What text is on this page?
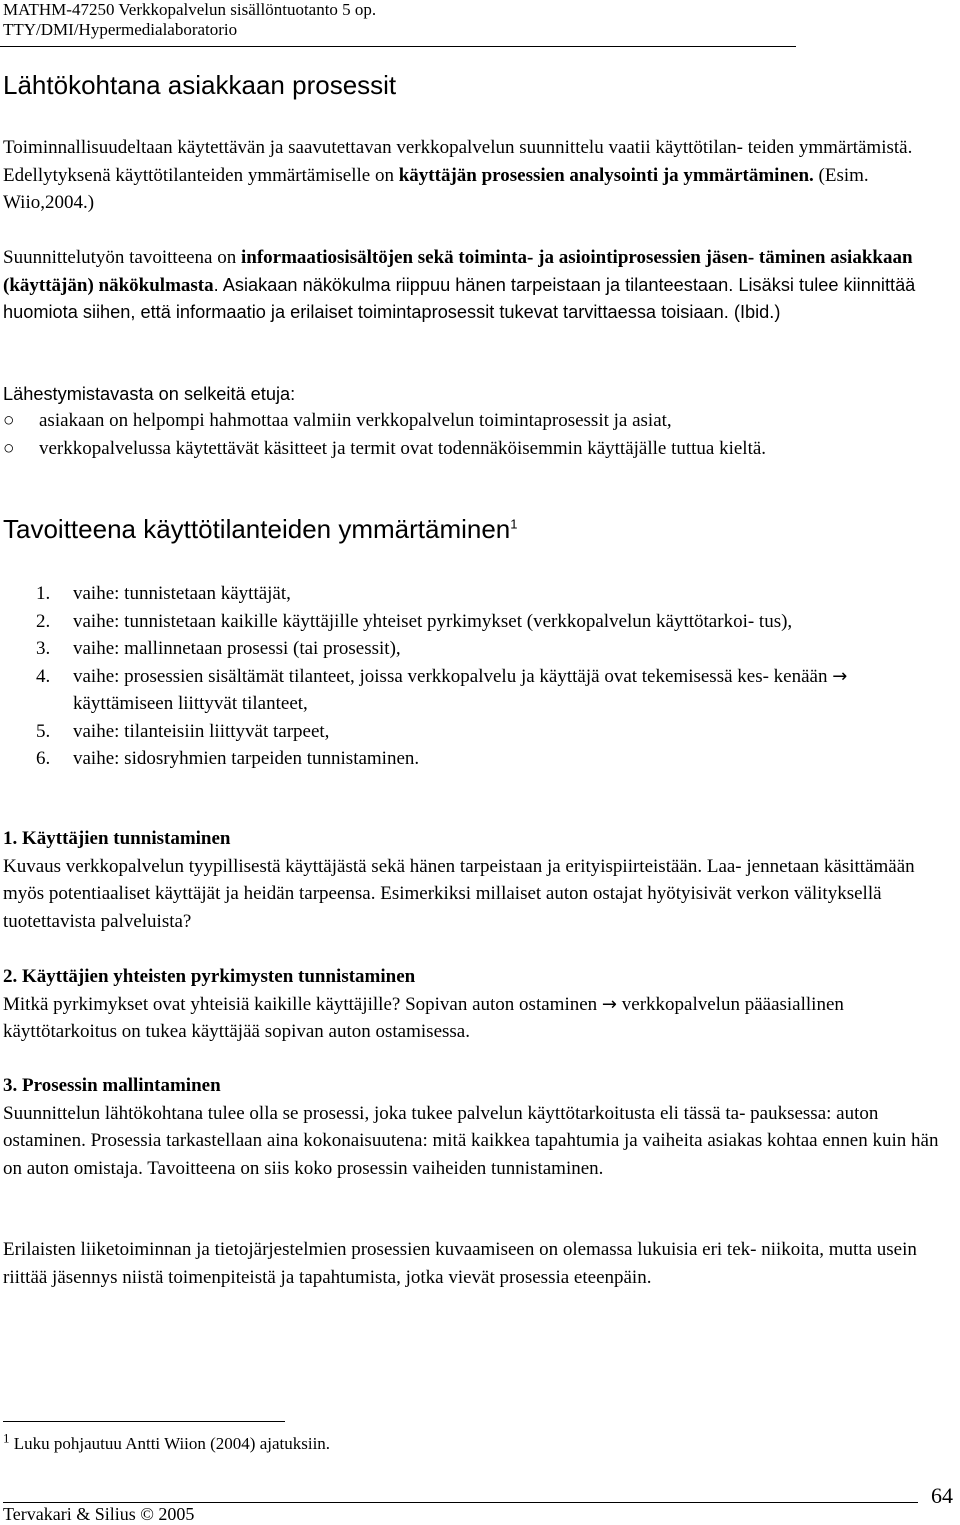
MATHM-47250 Verkkopalvelun sisällöntuotanto 5 op.
TTY/DMI/Hypermedialaboratorio
Lähtökohtana asiakkaan prosessit

Toiminnallisuudeltaan käytettävän ja saavutettavan verkkopalvelun suunnittelu vaatii käyttötilan- teiden ymmärtämistä. Edellytyksenä käyttötilanteiden ymmärtämiselle on käyttäjän prosessien analysointi ja ymmärtäminen. (Esim. Wiio,2004.)

Suunnittelutyön tavoitteena on informaatiosisältöjen sekä toiminta- ja asiointiprosessien jäsen- täminen asiakkaan (käyttäjän) näkökulmasta. Asiakaan näkökulma riippuu hänen tarpeistaan ja tilanteestaan. Lisäksi tulee kiinnittää huomiota siihen, että informaatio ja erilaiset toimintaprosessit tukevat tarvittaessa toisiaan. (Ibid.)

Lähestymistavasta on selkeitä etuja:

○ asiakaan on helpompi hahmottaa valmiin verkkopalvelun toimintaprosessit ja asiat,
○ verkkopalvelussa käytettävät käsitteet ja termit ovat todennäköisemmin käyttäjälle tuttua kieltä.
Tavoitteena käyttötilanteiden ymmärtäminen$^1$
1. vaihe: tunnistetaan käyttäjät,
2. vaihe: tunnistetaan kaikille käyttäjille yhteiset pyrkimykset (verkkopalvelun käyttötarkoi- tus),
3. vaihe: mallinnetaan prosessi (tai prosessit),
4. vaihe: prosessien sisältämät tilanteet, joissa verkkopalvelu ja käyttäjä ovat tekemisessä kes- kenään → käyttämiseen liittyvät tilanteet,
5. vaihe: tilanteisiin liittyvät tarpeet,
6. vaihe: sidosryhmien tarpeiden tunnistaminen.
1. Käyttäjien tunnistaminen
Kuvaus verkkopalvelun tyypillisestä käyttäjästä sekä hänen tarpeistaan ja erityispiirteistään. Laa- jennetaan käsittämään myös potentiaaliset käyttäjät ja heidän tarpeensa. Esimerkiksi millaiset auton ostajat hyötyisivät verkon välityksellä tuotettavista palveluista?
2. Käyttäjien yhteisten pyrkimysten tunnistaminen
Mitkä pyrkimykset ovat yhteisiä kaikille käyttäjille? Sopivan auton ostaminen → verkkopalvelun pääasiallinen käyttötarkoitus on tukea käyttäjää sopivan auton ostamisessa.
3. Prosessin mallintaminen
Suunnittelun lähtökohtana tulee olla se prosessi, joka tukee palvelun käyttötarkoitusta eli tässä ta- pauksessa: auton ostaminen. Prosessia tarkastellaan aina kokonaisuutena: mitä kaikkea tapahtumia ja vaiheita asiakas kohtaa ennen kuin hän on auton omistaja. Tavoitteena on siis koko prosessin vaiheiden tunnistaminen.

Erilaisten liiketoiminnan ja tietojärjestelmien prosessien kuvaamiseen on olemassa lukuisia eri tek- niikoita, mutta usein riittää jäsennys niistä toimenpiteistä ja tapahtumista, jotka vievät prosessia eteenpäin.

$^1$ Luku pohjautuu Antti Wiion (2004) ajatuksiin.
Tervakari & Silius © 2005
64
